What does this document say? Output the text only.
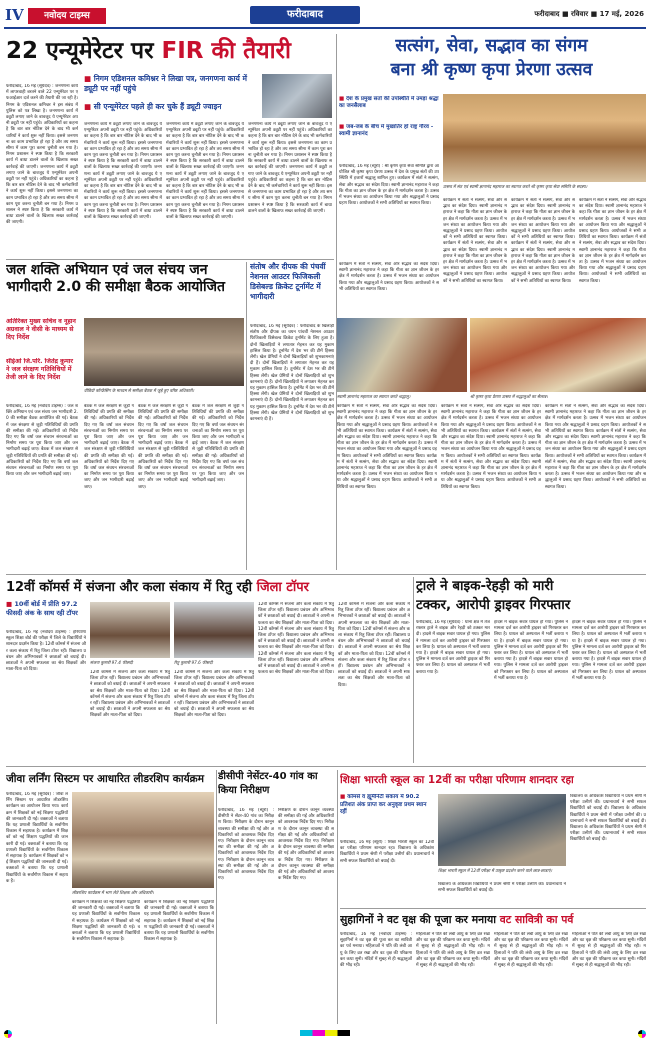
IV	नवोदय टाइम्स	फरीदाबाद	फरीदाबाद ■ रविवार ■ 17 मई, 2026
22 एन्यूमेरेटर पर FIR की तैयारी
फरीदाबाद, 16 मई (सूर्यदेव) : जनगणना कार्य में लापरवाही बरतने वाले 22 एन्यूमेरेटर पर एफआईआर दर्ज करने की तैयारी की जा रही है। निगम के एडिशनल कमिश्नर ने इस संबंध में पुलिस को पत्र लिखा है। जनगणना कार्य में ड्यूटी लगाए जाने के बावजूद ये एन्यूमेरेटर अपनी ड्यूटी पर नहीं पहुंचे। अधिकारियों का कहना है कि बार बार नोटिस देने के बाद भी कर्मचारियों ने कार्य शुरू नहीं किया। इससे जनगणना का काम प्रभावित हो रहा है और तय समय सीमा में काम पूरा करना चुनौती बन गया है। निगम प्रशासन ने स्पष्ट किया है कि सरकारी कार्य में बाधा डालने वालों के खिलाफ सख्त कार्रवाई की जाएगी। जनगणना कार्य में ड्यूटी लगाए जाने के बावजूद ये एन्यूमेरेटर अपनी ड्यूटी पर नहीं पहुंचे। अधिकारियों का कहना है कि बार बार नोटिस देने के बाद भी कर्मचारियों ने कार्य शुरू नहीं किया। इससे जनगणना का काम प्रभावित हो रहा है और तय समय सीमा में काम पूरा करना चुनौती बन गया है। निगम प्रशासन ने स्पष्ट किया है कि सरकारी कार्य में बाधा डालने वालों के खिलाफ सख्त कार्रवाई की जाएगी।
■ निगम एडिशनल कमिश्नर ने लिखा पत्र, जनगणना कार्य में ड्यूटी पर नहीं पहुंचे
■ सी एन्यूमेरेटर पहले ही कर चुके हैं ड्यूटी ज्वाइन
जनगणना कार्य में ड्यूटी लगाए जाने के बावजूद ये एन्यूमेरेटर अपनी ड्यूटी पर नहीं पहुंचे। अधिकारियों का कहना है कि बार बार नोटिस देने के बाद भी कर्मचारियों ने कार्य शुरू नहीं किया। इससे जनगणना का काम प्रभावित हो रहा है और तय समय सीमा में काम पूरा करना चुनौती बन गया है। निगम प्रशासन ने स्पष्ट किया है कि सरकारी कार्य में बाधा डालने वालों के खिलाफ सख्त कार्रवाई की जाएगी। जनगणना कार्य में ड्यूटी लगाए जाने के बावजूद ये एन्यूमेरेटर अपनी ड्यूटी पर नहीं पहुंचे। अधिकारियों का कहना है कि बार बार नोटिस देने के बाद भी कर्मचारियों ने कार्य शुरू नहीं किया। इससे जनगणना का काम प्रभावित हो रहा है और तय समय सीमा में काम पूरा करना चुनौती बन गया है। निगम प्रशासन ने स्पष्ट किया है कि सरकारी कार्य में बाधा डालने वालों के खिलाफ सख्त कार्रवाई की जाएगी।
जनगणना कार्य में ड्यूटी लगाए जाने के बावजूद ये एन्यूमेरेटर अपनी ड्यूटी पर नहीं पहुंचे। अधिकारियों का कहना है कि बार बार नोटिस देने के बाद भी कर्मचारियों ने कार्य शुरू नहीं किया। इससे जनगणना का काम प्रभावित हो रहा है और तय समय सीमा में काम पूरा करना चुनौती बन गया है। निगम प्रशासन ने स्पष्ट किया है कि सरकारी कार्य में बाधा डालने वालों के खिलाफ सख्त कार्रवाई की जाएगी। जनगणना कार्य में ड्यूटी लगाए जाने के बावजूद ये एन्यूमेरेटर अपनी ड्यूटी पर नहीं पहुंचे। अधिकारियों का कहना है कि बार बार नोटिस देने के बाद भी कर्मचारियों ने कार्य शुरू नहीं किया। इससे जनगणना का काम प्रभावित हो रहा है और तय समय सीमा में काम पूरा करना चुनौती बन गया है। निगम प्रशासन ने स्पष्ट किया है कि सरकारी कार्य में बाधा डालने वालों के खिलाफ सख्त कार्रवाई की जाएगी।
जनगणना कार्य में ड्यूटी लगाए जाने के बावजूद ये एन्यूमेरेटर अपनी ड्यूटी पर नहीं पहुंचे। अधिकारियों का कहना है कि बार बार नोटिस देने के बाद भी कर्मचारियों ने कार्य शुरू नहीं किया। इससे जनगणना का काम प्रभावित हो रहा है और तय समय सीमा में काम पूरा करना चुनौती बन गया है। निगम प्रशासन ने स्पष्ट किया है कि सरकारी कार्य में बाधा डालने वालों के खिलाफ सख्त कार्रवाई की जाएगी। जनगणना कार्य में ड्यूटी लगाए जाने के बावजूद ये एन्यूमेरेटर अपनी ड्यूटी पर नहीं पहुंचे। अधिकारियों का कहना है कि बार बार नोटिस देने के बाद भी कर्मचारियों ने कार्य शुरू नहीं किया। इससे जनगणना का काम प्रभावित हो रहा है और तय समय सीमा में काम पूरा करना चुनौती बन गया है। निगम प्रशासन ने स्पष्ट किया है कि सरकारी कार्य में बाधा डालने वालों के खिलाफ सख्त कार्रवाई की जाएगी।
सत्संग, सेवा, सद्भाव का संगम
बना श्री कृष्ण कृपा प्रेरणा उत्सव
■ देश के प्रमुख संतों की उपस्थिति में उमड़ा श्रद्धा का जनसैलाब
■ जब-जब के बीच में मुखातिर हो राष्ट्र गौरव - स्वामी ज्ञानानंद
फरीदाबाद, 16 मई (ब्यूरो) : श्री कृष्ण कृपा सेवा समिति द्वारा आयोजित श्री कृष्ण कृपा प्रेरणा उत्सव में देश के प्रमुख संतों की उपस्थिति में हजारों श्रद्धालु शामिल हुए। कार्यक्रम में संतों ने सत्संग, सेवा और सद्भाव का संदेश दिया। स्वामी ज्ञानानंद महाराज ने कहा कि गीता का ज्ञान जीवन के हर क्षेत्र में मार्गदर्शन करता है। उत्सव में भजन संध्या का आयोजन किया गया और श्रद्धालुओं ने प्रसाद ग्रहण किया। आयोजकों ने सभी अतिथियों का स्वागत किया।
उत्सव में संत एवं स्वामी ज्ञानानंद महाराज का स्वागत करते श्री कृष्ण कृपा सेवा समिति के सदस्य।
कार्यक्रम में संतों ने सत्संग, सेवा और सद्भाव का संदेश दिया। स्वामी ज्ञानानंद महाराज ने कहा कि गीता का ज्ञान जीवन के हर क्षेत्र में मार्गदर्शन करता है। उत्सव में भजन संध्या का आयोजन किया गया और श्रद्धालुओं ने प्रसाद ग्रहण किया। आयोजकों ने सभी अतिथियों का स्वागत किया। कार्यक्रम में संतों ने सत्संग, सेवा और सद्भाव का संदेश दिया। स्वामी ज्ञानानंद महाराज ने कहा कि गीता का ज्ञान जीवन के हर क्षेत्र में मार्गदर्शन करता है। उत्सव में भजन संध्या का आयोजन किया गया और श्रद्धालुओं ने प्रसाद ग्रहण किया। आयोजकों ने सभी अतिथियों का स्वागत किया।
कार्यक्रम में संतों ने सत्संग, सेवा और सद्भाव का संदेश दिया। स्वामी ज्ञानानंद महाराज ने कहा कि गीता का ज्ञान जीवन के हर क्षेत्र में मार्गदर्शन करता है। उत्सव में भजन संध्या का आयोजन किया गया और श्रद्धालुओं ने प्रसाद ग्रहण किया। आयोजकों ने सभी अतिथियों का स्वागत किया। कार्यक्रम में संतों ने सत्संग, सेवा और सद्भाव का संदेश दिया। स्वामी ज्ञानानंद महाराज ने कहा कि गीता का ज्ञान जीवन के हर क्षेत्र में मार्गदर्शन करता है। उत्सव में भजन संध्या का आयोजन किया गया और श्रद्धालुओं ने प्रसाद ग्रहण किया। आयोजकों ने सभी अतिथियों का स्वागत किया।
कार्यक्रम में संतों ने सत्संग, सेवा और सद्भाव का संदेश दिया। स्वामी ज्ञानानंद महाराज ने कहा कि गीता का ज्ञान जीवन के हर क्षेत्र में मार्गदर्शन करता है। उत्सव में भजन संध्या का आयोजन किया गया और श्रद्धालुओं ने प्रसाद ग्रहण किया। आयोजकों ने सभी अतिथियों का स्वागत किया। कार्यक्रम में संतों ने सत्संग, सेवा और सद्भाव का संदेश दिया। स्वामी ज्ञानानंद महाराज ने कहा कि गीता का ज्ञान जीवन के हर क्षेत्र में मार्गदर्शन करता है। उत्सव में भजन संध्या का आयोजन किया गया और श्रद्धालुओं ने प्रसाद ग्रहण किया। आयोजकों ने सभी अतिथियों का स्वागत किया।
कार्यक्रम में संतों ने सत्संग, सेवा और सद्भाव का संदेश दिया। स्वामी ज्ञानानंद महाराज ने कहा कि गीता का ज्ञान जीवन के हर क्षेत्र में मार्गदर्शन करता है। उत्सव में भजन संध्या का आयोजन किया गया और श्रद्धालुओं ने प्रसाद ग्रहण किया। आयोजकों ने सभी अतिथियों का स्वागत किया।
स्वामी ज्ञानानंद महाराज का स्वागत करते श्रद्धालु।	श्री कृष्ण कृपा प्रेरणा उत्सव में श्रद्धालुओं का सैलाब।
जल शक्ति अभियान एवं जल संचय जन भागीदारी 2.0 की समीक्षा बैठक आयोजित
अतिरिक्त मुख्य सचिव व नूहान अग्रवाल ने वीसी के माध्यम से दिए निर्देश
सीईओ जि.परि. जितेंद्र कुमार ने जल संरक्षण गतिविधियों में तेजी लाने के दिए निर्देश
फरीदाबाद, 16 मई (नवोदय टाइम्स) : जल शक्ति अभियान एवं जल संचय जन भागीदारी 2.0 की समीक्षा बैठक आयोजित की गई। बैठक में जल संरक्षण से जुड़ी गतिविधियों की प्रगति की समीक्षा की गई। अधिकारियों को निर्देश दिए गए कि वर्षा जल संचयन संरचनाओं का निर्माण समय पर पूरा किया जाए और जन भागीदारी बढ़ाई जाए। बैठक में जल संरक्षण से जुड़ी गतिविधियों की प्रगति की समीक्षा की गई। अधिकारियों को निर्देश दिए गए कि वर्षा जल संचयन संरचनाओं का निर्माण समय पर पूरा किया जाए और जन भागीदारी बढ़ाई जाए।
वीडियो कॉन्फ्रेंसिंग के माध्यम से समीक्षा बैठक में जुड़े हुए वरिष्ठ अधिकारी।
बैठक में जल संरक्षण से जुड़ी गतिविधियों की प्रगति की समीक्षा की गई। अधिकारियों को निर्देश दिए गए कि वर्षा जल संचयन संरचनाओं का निर्माण समय पर पूरा किया जाए और जन भागीदारी बढ़ाई जाए। बैठक में जल संरक्षण से जुड़ी गतिविधियों की प्रगति की समीक्षा की गई। अधिकारियों को निर्देश दिए गए कि वर्षा जल संचयन संरचनाओं का निर्माण समय पर पूरा किया जाए और जन भागीदारी बढ़ाई जाए।
बैठक में जल संरक्षण से जुड़ी गतिविधियों की प्रगति की समीक्षा की गई। अधिकारियों को निर्देश दिए गए कि वर्षा जल संचयन संरचनाओं का निर्माण समय पर पूरा किया जाए और जन भागीदारी बढ़ाई जाए। बैठक में जल संरक्षण से जुड़ी गतिविधियों की प्रगति की समीक्षा की गई। अधिकारियों को निर्देश दिए गए कि वर्षा जल संचयन संरचनाओं का निर्माण समय पर पूरा किया जाए और जन भागीदारी बढ़ाई जाए।
बैठक में जल संरक्षण से जुड़ी गतिविधियों की प्रगति की समीक्षा की गई। अधिकारियों को निर्देश दिए गए कि वर्षा जल संचयन संरचनाओं का निर्माण समय पर पूरा किया जाए और जन भागीदारी बढ़ाई जाए। बैठक में जल संरक्षण से जुड़ी गतिविधियों की प्रगति की समीक्षा की गई। अधिकारियों को निर्देश दिए गए कि वर्षा जल संचयन संरचनाओं का निर्माण समय पर पूरा किया जाए और जन भागीदारी बढ़ाई जाए।
संतोष और दीपक की पंचवीं नेशनल आउटर फिजिकली डिसेबल्ड क्रिकेट टूर्नामेंट में भागीदारी
फरीदाबाद, 16 मई (सूर्यदेव) : फरीदाबाद के खिलाड़ी संतोष और दीपक का चयन पांचवीं नेशनल आउटर फिजिकली डिसेबल्ड क्रिकेट टूर्नामेंट के लिए हुआ है। दोनों खिलाड़ियों ने लगातार मेहनत कर यह मुकाम हासिल किया है। टूर्नामेंट में देश भर की टीमें हिस्सा लेंगी। खेल प्रेमियों ने दोनों खिलाड़ियों को शुभकामनाएं दी हैं। दोनों खिलाड़ियों ने लगातार मेहनत कर यह मुकाम हासिल किया है। टूर्नामेंट में देश भर की टीमें हिस्सा लेंगी। खेल प्रेमियों ने दोनों खिलाड़ियों को शुभकामनाएं दी हैं। दोनों खिलाड़ियों ने लगातार मेहनत कर यह मुकाम हासिल किया है। टूर्नामेंट में देश भर की टीमें हिस्सा लेंगी। खेल प्रेमियों ने दोनों खिलाड़ियों को शुभकामनाएं दी हैं। दोनों खिलाड़ियों ने लगातार मेहनत कर यह मुकाम हासिल किया है। टूर्नामेंट में देश भर की टीमें हिस्सा लेंगी। खेल प्रेमियों ने दोनों खिलाड़ियों को शुभकामनाएं दी हैं।
कार्यक्रम में संतों ने सत्संग, सेवा और सद्भाव का संदेश दिया। स्वामी ज्ञानानंद महाराज ने कहा कि गीता का ज्ञान जीवन के हर क्षेत्र में मार्गदर्शन करता है। उत्सव में भजन संध्या का आयोजन किया गया और श्रद्धालुओं ने प्रसाद ग्रहण किया। आयोजकों ने सभी अतिथियों का स्वागत किया। कार्यक्रम में संतों ने सत्संग, सेवा और सद्भाव का संदेश दिया। स्वामी ज्ञानानंद महाराज ने कहा कि गीता का ज्ञान जीवन के हर क्षेत्र में मार्गदर्शन करता है। उत्सव में भजन संध्या का आयोजन किया गया और श्रद्धालुओं ने प्रसाद ग्रहण किया। आयोजकों ने सभी अतिथियों का स्वागत किया। कार्यक्रम में संतों ने सत्संग, सेवा और सद्भाव का संदेश दिया। स्वामी ज्ञानानंद महाराज ने कहा कि गीता का ज्ञान जीवन के हर क्षेत्र में मार्गदर्शन करता है। उत्सव में भजन संध्या का आयोजन किया गया और श्रद्धालुओं ने प्रसाद ग्रहण किया। आयोजकों ने सभी अतिथियों का स्वागत किया।
कार्यक्रम में संतों ने सत्संग, सेवा और सद्भाव का संदेश दिया। स्वामी ज्ञानानंद महाराज ने कहा कि गीता का ज्ञान जीवन के हर क्षेत्र में मार्गदर्शन करता है। उत्सव में भजन संध्या का आयोजन किया गया और श्रद्धालुओं ने प्रसाद ग्रहण किया। आयोजकों ने सभी अतिथियों का स्वागत किया। कार्यक्रम में संतों ने सत्संग, सेवा और सद्भाव का संदेश दिया। स्वामी ज्ञानानंद महाराज ने कहा कि गीता का ज्ञान जीवन के हर क्षेत्र में मार्गदर्शन करता है। उत्सव में भजन संध्या का आयोजन किया गया और श्रद्धालुओं ने प्रसाद ग्रहण किया। आयोजकों ने सभी अतिथियों का स्वागत किया। कार्यक्रम में संतों ने सत्संग, सेवा और सद्भाव का संदेश दिया। स्वामी ज्ञानानंद महाराज ने कहा कि गीता का ज्ञान जीवन के हर क्षेत्र में मार्गदर्शन करता है। उत्सव में भजन संध्या का आयोजन किया गया और श्रद्धालुओं ने प्रसाद ग्रहण किया। आयोजकों ने सभी अतिथियों का स्वागत किया।
कार्यक्रम में संतों ने सत्संग, सेवा और सद्भाव का संदेश दिया। स्वामी ज्ञानानंद महाराज ने कहा कि गीता का ज्ञान जीवन के हर क्षेत्र में मार्गदर्शन करता है। उत्सव में भजन संध्या का आयोजन किया गया और श्रद्धालुओं ने प्रसाद ग्रहण किया। आयोजकों ने सभी अतिथियों का स्वागत किया। कार्यक्रम में संतों ने सत्संग, सेवा और सद्भाव का संदेश दिया। स्वामी ज्ञानानंद महाराज ने कहा कि गीता का ज्ञान जीवन के हर क्षेत्र में मार्गदर्शन करता है। उत्सव में भजन संध्या का आयोजन किया गया और श्रद्धालुओं ने प्रसाद ग्रहण किया। आयोजकों ने सभी अतिथियों का स्वागत किया। कार्यक्रम में संतों ने सत्संग, सेवा और सद्भाव का संदेश दिया। स्वामी ज्ञानानंद महाराज ने कहा कि गीता का ज्ञान जीवन के हर क्षेत्र में मार्गदर्शन करता है। उत्सव में भजन संध्या का आयोजन किया गया और श्रद्धालुओं ने प्रसाद ग्रहण किया। आयोजकों ने सभी अतिथियों का स्वागत किया।
12वीं कॉमर्स में संजना और कला संकाय में रितु रही जिला टॉपर
■ 10वीं बोर्ड में प्रीति 97.2 फीसदी अंक के साथ रही टॉपर
फरीदाबाद, 16 मई (नवोदय टाइम्स) : हरियाणा स्कूल शिक्षा बोर्ड की परीक्षा में जिले के विद्यार्थियों ने शानदार प्रदर्शन किया है। 12वीं कॉमर्स में संजना और कला संकाय में रितु जिला टॉपर रहीं। विद्यालय प्रबंधन और अभिभावकों ने छात्राओं को बधाई दी। छात्राओं ने अपनी सफलता का श्रेय शिक्षकों और माता-पिता को दिया।
संजना कुमारी 97.4 फीसदी	रितु कुमारी 97.6 फीसदी
12वीं कॉमर्स में संजना और कला संकाय में रितु जिला टॉपर रहीं। विद्यालय प्रबंधन और अभिभावकों ने छात्राओं को बधाई दी। छात्राओं ने अपनी सफलता का श्रेय शिक्षकों और माता-पिता को दिया। 12वीं कॉमर्स में संजना और कला संकाय में रितु जिला टॉपर रहीं। विद्यालय प्रबंधन और अभिभावकों ने छात्राओं को बधाई दी। छात्राओं ने अपनी सफलता का श्रेय शिक्षकों और माता-पिता को दिया।
12वीं कॉमर्स में संजना और कला संकाय में रितु जिला टॉपर रहीं। विद्यालय प्रबंधन और अभिभावकों ने छात्राओं को बधाई दी। छात्राओं ने अपनी सफलता का श्रेय शिक्षकों और माता-पिता को दिया। 12वीं कॉमर्स में संजना और कला संकाय में रितु जिला टॉपर रहीं। विद्यालय प्रबंधन और अभिभावकों ने छात्राओं को बधाई दी। छात्राओं ने अपनी सफलता का श्रेय शिक्षकों और माता-पिता को दिया।
12वीं कॉमर्स में संजना और कला संकाय में रितु जिला टॉपर रहीं। विद्यालय प्रबंधन और अभिभावकों ने छात्राओं को बधाई दी। छात्राओं ने अपनी सफलता का श्रेय शिक्षकों और माता-पिता को दिया। 12वीं कॉमर्स में संजना और कला संकाय में रितु जिला टॉपर रहीं। विद्यालय प्रबंधन और अभिभावकों ने छात्राओं को बधाई दी। छात्राओं ने अपनी सफलता का श्रेय शिक्षकों और माता-पिता को दिया। 12वीं कॉमर्स में संजना और कला संकाय में रितु जिला टॉपर रहीं। विद्यालय प्रबंधन और अभिभावकों ने छात्राओं को बधाई दी। छात्राओं ने अपनी सफलता का श्रेय शिक्षकों और माता-पिता को दिया।
12वीं कॉमर्स में संजना और कला संकाय में रितु जिला टॉपर रहीं। विद्यालय प्रबंधन और अभिभावकों ने छात्राओं को बधाई दी। छात्राओं ने अपनी सफलता का श्रेय शिक्षकों और माता-पिता को दिया। 12वीं कॉमर्स में संजना और कला संकाय में रितु जिला टॉपर रहीं। विद्यालय प्रबंधन और अभिभावकों ने छात्राओं को बधाई दी। छात्राओं ने अपनी सफलता का श्रेय शिक्षकों और माता-पिता को दिया। 12वीं कॉमर्स में संजना और कला संकाय में रितु जिला टॉपर रहीं। विद्यालय प्रबंधन और अभिभावकों ने छात्राओं को बधाई दी। छात्राओं ने अपनी सफलता का श्रेय शिक्षकों और माता-पिता को दिया।
ट्राले ने बाइक-रेहड़ी को मारी
टक्कर, आरोपी ड्राइवर गिरफ्तार
फरीदाबाद, 16 मई (सूर्यदेव) : थाना क्षेत्र में तेज रफ्तार ट्राले ने बाइक और रेहड़ी को टक्कर मार दी। हादसे में बाइक सवार घायल हो गया। पुलिस ने मामला दर्ज कर आरोपी ड्राइवर को गिरफ्तार कर लिया है। घायल को अस्पताल में भर्ती कराया गया है। हादसे में बाइक सवार घायल हो गया। पुलिस ने मामला दर्ज कर आरोपी ड्राइवर को गिरफ्तार कर लिया है। घायल को अस्पताल में भर्ती कराया गया है।
हादसे में बाइक सवार घायल हो गया। पुलिस ने मामला दर्ज कर आरोपी ड्राइवर को गिरफ्तार कर लिया है। घायल को अस्पताल में भर्ती कराया गया है। हादसे में बाइक सवार घायल हो गया। पुलिस ने मामला दर्ज कर आरोपी ड्राइवर को गिरफ्तार कर लिया है। घायल को अस्पताल में भर्ती कराया गया है। हादसे में बाइक सवार घायल हो गया। पुलिस ने मामला दर्ज कर आरोपी ड्राइवर को गिरफ्तार कर लिया है। घायल को अस्पताल में भर्ती कराया गया है।
हादसे में बाइक सवार घायल हो गया। पुलिस ने मामला दर्ज कर आरोपी ड्राइवर को गिरफ्तार कर लिया है। घायल को अस्पताल में भर्ती कराया गया है। हादसे में बाइक सवार घायल हो गया। पुलिस ने मामला दर्ज कर आरोपी ड्राइवर को गिरफ्तार कर लिया है। घायल को अस्पताल में भर्ती कराया गया है। हादसे में बाइक सवार घायल हो गया। पुलिस ने मामला दर्ज कर आरोपी ड्राइवर को गिरफ्तार कर लिया है। घायल को अस्पताल में भर्ती कराया गया है।
जीवा लर्निंग सिस्टम पर आधारित लीडरशिप कार्यक्रम
फरीदाबाद, 16 मई (सूर्यदेव) : जीवा लर्निंग सिस्टम पर आधारित लीडरशिप कार्यक्रम का आयोजन किया गया। कार्यक्रम में शिक्षकों को नई शिक्षण पद्धतियों की जानकारी दी गई। वक्ताओं ने बताया कि यह प्रणाली विद्यार्थियों के सर्वांगीण विकास में सहायक है। कार्यक्रम में शिक्षकों को नई शिक्षण पद्धतियों की जानकारी दी गई। वक्ताओं ने बताया कि यह प्रणाली विद्यार्थियों के सर्वांगीण विकास में सहायक है। कार्यक्रम में शिक्षकों को नई शिक्षण पद्धतियों की जानकारी दी गई। वक्ताओं ने बताया कि यह प्रणाली विद्यार्थियों के सर्वांगीण विकास में सहायक है।
लीडरशिप कार्यक्रम में भाग लेते शिक्षक और अधिकारी।
कार्यक्रम में शिक्षकों को नई शिक्षण पद्धतियों की जानकारी दी गई। वक्ताओं ने बताया कि यह प्रणाली विद्यार्थियों के सर्वांगीण विकास में सहायक है। कार्यक्रम में शिक्षकों को नई शिक्षण पद्धतियों की जानकारी दी गई। वक्ताओं ने बताया कि यह प्रणाली विद्यार्थियों के सर्वांगीण विकास में सहायक है।
कार्यक्रम में शिक्षकों को नई शिक्षण पद्धतियों की जानकारी दी गई। वक्ताओं ने बताया कि यह प्रणाली विद्यार्थियों के सर्वांगीण विकास में सहायक है। कार्यक्रम में शिक्षकों को नई शिक्षण पद्धतियों की जानकारी दी गई। वक्ताओं ने बताया कि यह प्रणाली विद्यार्थियों के सर्वांगीण विकास में सहायक है।
डीसीपी नेसेंटर-40 गांव का किया निरीक्षण
फरीदाबाद, 16 मई (ब्यूरो) : डीसीपी ने सेंटर-40 गांव का निरीक्षण किया। निरीक्षण के दौरान कानून व्यवस्था की समीक्षा की गई और अधिकारियों को आवश्यक निर्देश दिए गए। निरीक्षण के दौरान कानून व्यवस्था की समीक्षा की गई और अधिकारियों को आवश्यक निर्देश दिए गए। निरीक्षण के दौरान कानून व्यवस्था की समीक्षा की गई और अधिकारियों को आवश्यक निर्देश दिए गए।
निरीक्षण के दौरान कानून व्यवस्था की समीक्षा की गई और अधिकारियों को आवश्यक निर्देश दिए गए। निरीक्षण के दौरान कानून व्यवस्था की समीक्षा की गई और अधिकारियों को आवश्यक निर्देश दिए गए। निरीक्षण के दौरान कानून व्यवस्था की समीक्षा की गई और अधिकारियों को आवश्यक निर्देश दिए गए। निरीक्षण के दौरान कानून व्यवस्था की समीक्षा की गई और अधिकारियों को आवश्यक निर्देश दिए गए।
शिक्षा भारती स्कूल का 12वीं का परीक्षा परिणाम शानदार रहा
■ कॉमर्स व ह्यूमैनिटी संकाय में 90.2 प्रतिशत अंक प्राप्त कर अनुकृष्ट प्रथम स्थान रहीं
फरीदाबाद, 16 मई (ब्यूरो) : शिक्षा भारती स्कूल का 12वीं का परीक्षा परिणाम शानदार रहा। विद्यालय के अधिकांश विद्यार्थियों ने प्रथम श्रेणी में परीक्षा उत्तीर्ण की। प्रधानाचार्य ने सभी सफल विद्यार्थियों को बधाई दी।
शिक्षा भारती स्कूल में 12वीं परीक्षा में उत्कृष्ट प्रदर्शन करने वाले छात्र-छात्राएं।
विद्यालय के अधिकांश विद्यार्थियों ने प्रथम श्रेणी में परीक्षा उत्तीर्ण की। प्रधानाचार्य ने सभी सफल विद्यार्थियों को बधाई दी। विद्यालय के अधिकांश विद्यार्थियों ने प्रथम श्रेणी में परीक्षा उत्तीर्ण की। प्रधानाचार्य ने सभी सफल विद्यार्थियों को बधाई दी। विद्यालय के अधिकांश विद्यार्थियों ने प्रथम श्रेणी में परीक्षा उत्तीर्ण की। प्रधानाचार्य ने सभी सफल विद्यार्थियों को बधाई दी।
विद्यालय के अधिकांश विद्यार्थियों ने प्रथम श्रेणी में परीक्षा उत्तीर्ण की। प्रधानाचार्य ने सभी सफल विद्यार्थियों को बधाई दी।
सुहागिनों ने वट वृक्ष की पूजा कर मनाया वट सावित्री का पर्व
फरीदाबाद, 16 मई (नवोदय टाइम्स) : सुहागिनों ने वट वृक्ष की पूजा कर वट सावित्री का पर्व मनाया। महिलाओं ने पति की लंबी आयु के लिए व्रत रखा और वट वृक्ष की परिक्रमा कर कथा सुनी। मंदिरों में सुबह से ही श्रद्धालुओं की भीड़ रही।
महिलाओं ने पति की लंबी आयु के लिए व्रत रखा और वट वृक्ष की परिक्रमा कर कथा सुनी। मंदिरों में सुबह से ही श्रद्धालुओं की भीड़ रही। महिलाओं ने पति की लंबी आयु के लिए व्रत रखा और वट वृक्ष की परिक्रमा कर कथा सुनी। मंदिरों में सुबह से ही श्रद्धालुओं की भीड़ रही।
महिलाओं ने पति की लंबी आयु के लिए व्रत रखा और वट वृक्ष की परिक्रमा कर कथा सुनी। मंदिरों में सुबह से ही श्रद्धालुओं की भीड़ रही। महिलाओं ने पति की लंबी आयु के लिए व्रत रखा और वट वृक्ष की परिक्रमा कर कथा सुनी। मंदिरों में सुबह से ही श्रद्धालुओं की भीड़ रही।
महिलाओं ने पति की लंबी आयु के लिए व्रत रखा और वट वृक्ष की परिक्रमा कर कथा सुनी। मंदिरों में सुबह से ही श्रद्धालुओं की भीड़ रही। महिलाओं ने पति की लंबी आयु के लिए व्रत रखा और वट वृक्ष की परिक्रमा कर कथा सुनी। मंदिरों में सुबह से ही श्रद्धालुओं की भीड़ रही।
